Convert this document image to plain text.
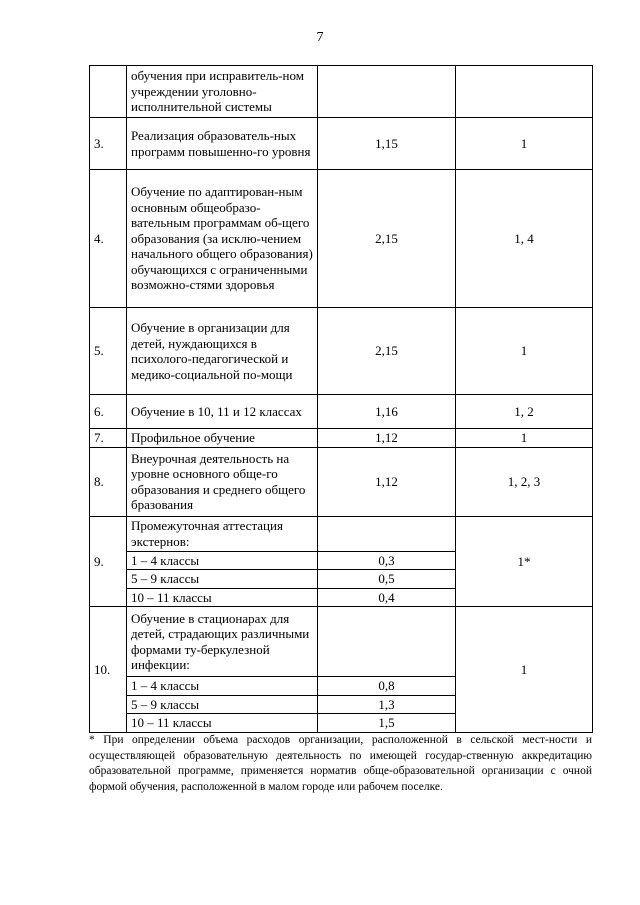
7
	обучения при исправитель-ном учреждении уголовно-исполнительной системы		
3.	Реализация образователь-ных программ повышенно-го уровня	1,15	1
4.	Обучение по адаптирован-ным основным общеобразо-вательным программам об-щего образования (за исклю-чением начального общего образования) обучающихся с ограниченными возможно-стями здоровья	2,15	1, 4
5.	Обучение в организации для детей, нуждающихся в психолого-педагогической и медико-социальной по-мощи	2,15	1
6.	Обучение в 10, 11 и 12 классах	1,16	1, 2
7.	Профильное обучение	1,12	1
8.	Внеурочная деятельность на уровне основного обще-го образования и среднего общего бразования	1,12	1, 2, 3
9.	Промежуточная аттестация экстернов:		1*
	1 – 4 классы	0,3	
	5 – 9 классы	0,5	
	10 – 11 классы	0,4	
10.	Обучение в стационарах для детей, страдающих различными формами ту-беркулезной инфекции:		1
	1 – 4 классы	0,8	
	5 – 9 классы	1,3	
	10 – 11 классы	1,5	
* При определении объема расходов организации, расположенной в сельской мест-ности и осуществляющей образовательную деятельность по имеющей государ-ственную аккредитацию образовательной программе, применяется норматив обще-образовательной организации с очной формой обучения, расположенной в малом городе или рабочем поселке.
